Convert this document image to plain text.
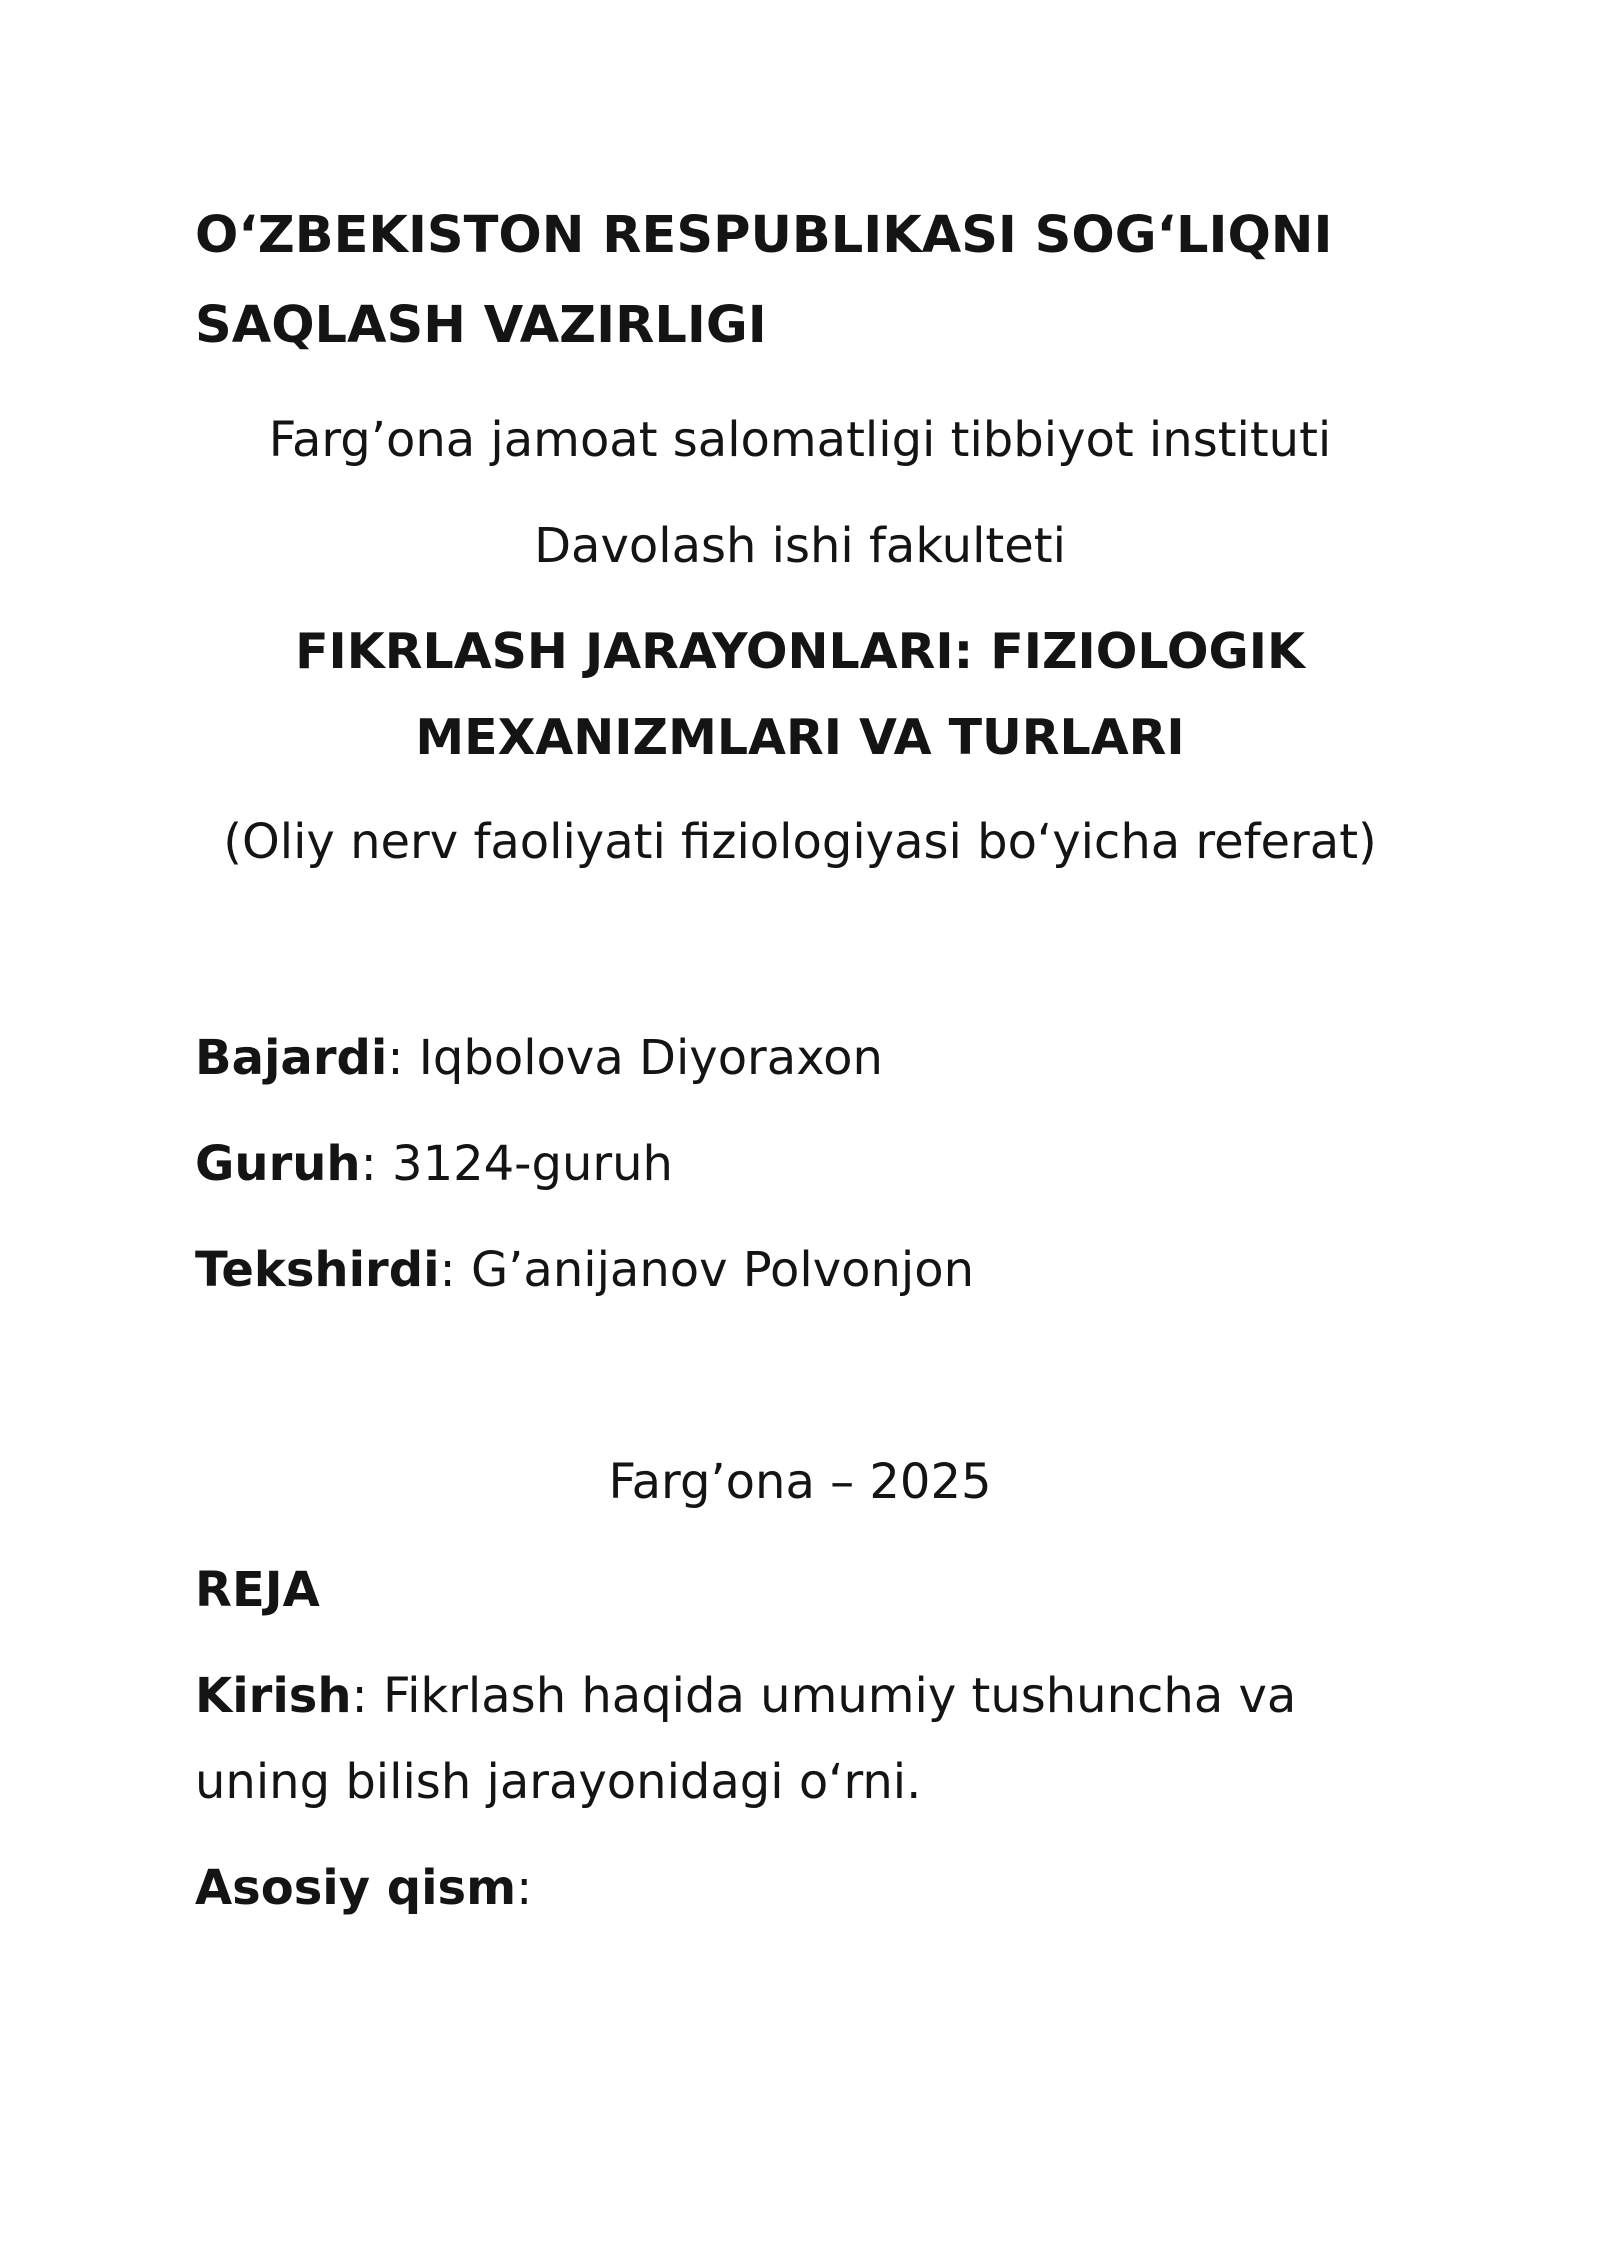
O‘ZBEKISTON RESPUBLIKASI SOG‘LIQNI
SAQLASH VAZIRLIGI
Farg’ona jamoat salomatligi tibbiyot instituti
Davolash ishi fakulteti
FIKRLASH JARAYONLARI: FIZIOLOGIK
MEXANIZMLARI VA TURLARI
(Oliy nerv faoliyati fiziologiyasi bo‘yicha referat)
Bajardi: Iqbolova Diyoraxon
Guruh: 3124-guruh
Tekshirdi: G’anijanov Polvonjon
Farg’ona – 2025
REJA
Kirish: Fikrlash haqida umumiy tushuncha va
uning bilish jarayonidagi o‘rni.
Asosiy qism:
